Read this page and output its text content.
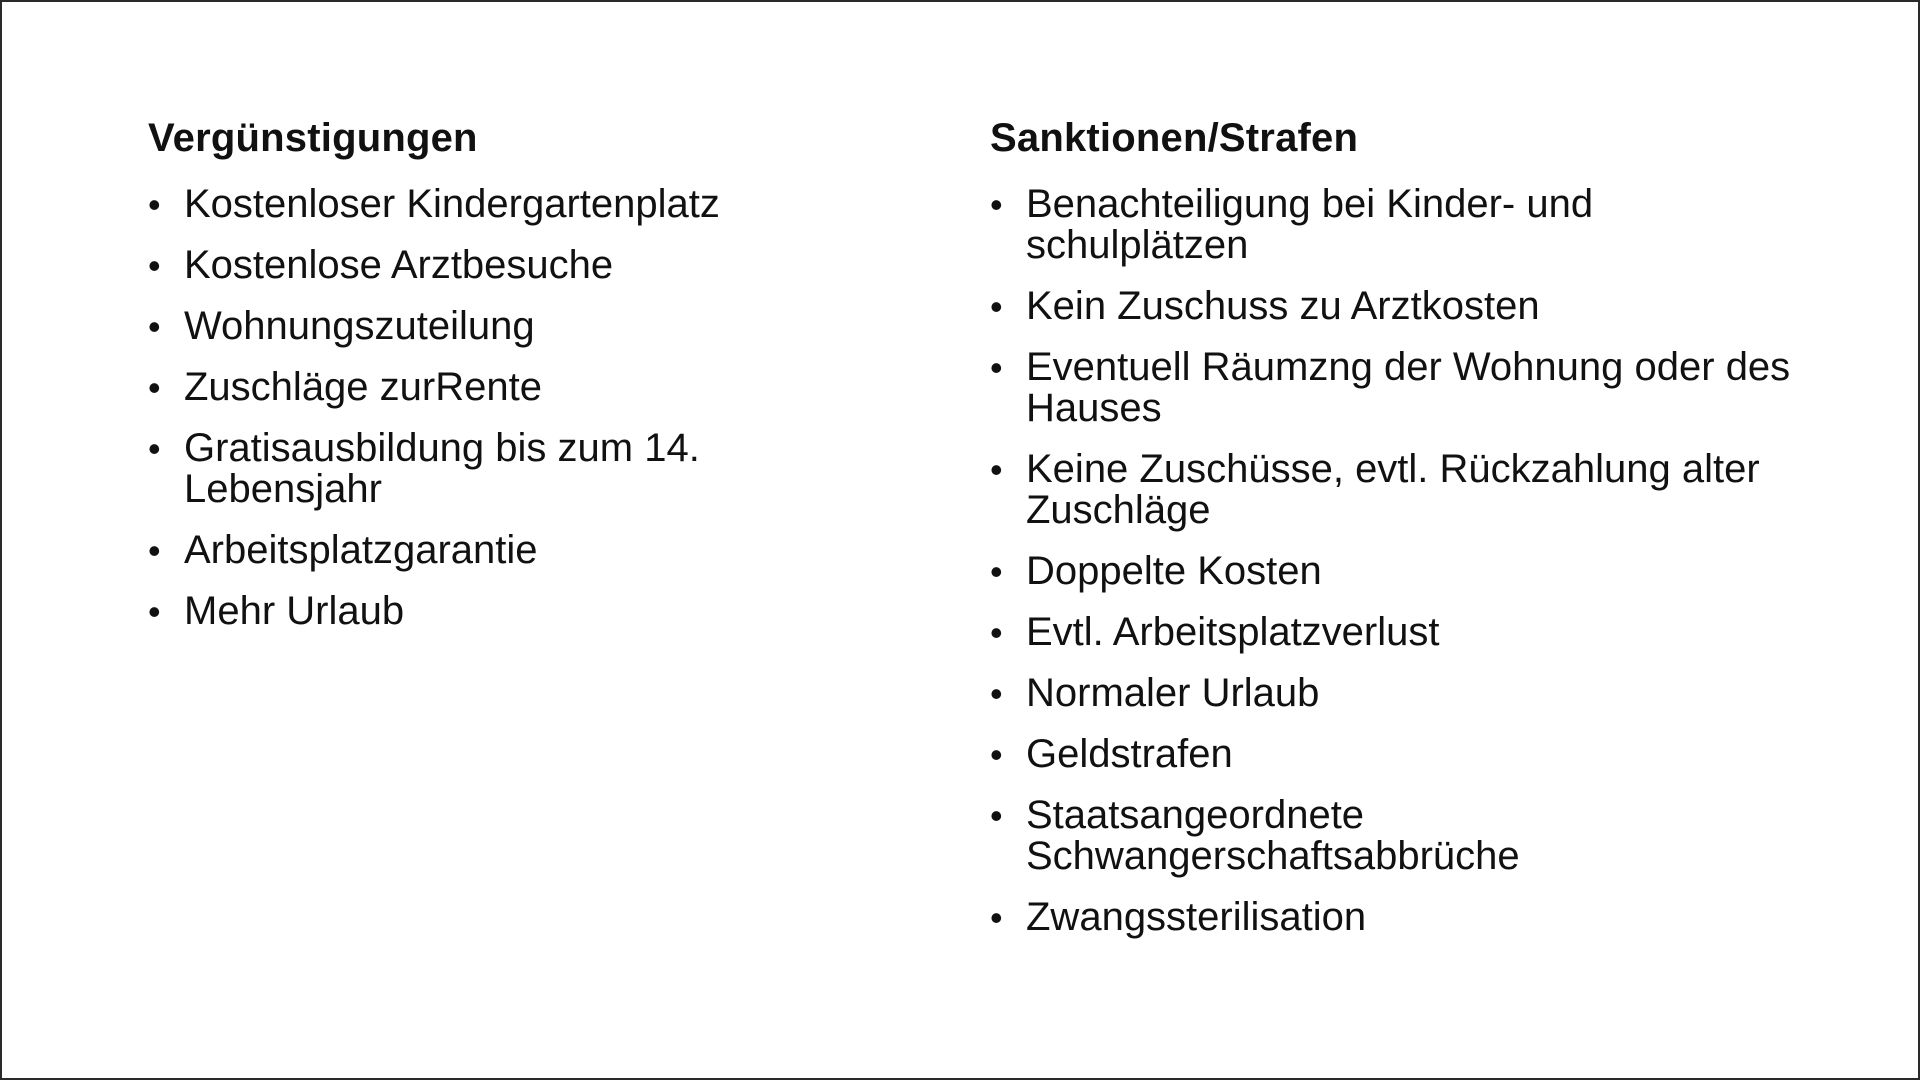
Vergünstigungen
•
Kostenloser Kindergartenplatz
•
Kostenlose Arztbesuche
•
Wohnungszuteilung
•
Zuschläge zurRente
•
Gratisausbildung bis zum 14. Lebensjahr
•
Arbeitsplatzgarantie
•
Mehr Urlaub
Sanktionen/Strafen
•
Benachteiligung bei Kinder- und schulplätzen
•
Kein Zuschuss zu Arztkosten
•
Eventuell Räumzng der Wohnung oder des Hauses
•
Keine Zuschüsse, evtl. Rückzahlung alter Zuschläge
•
Doppelte Kosten
•
Evtl. Arbeitsplatzverlust
•
Normaler Urlaub
•
Geldstrafen
•
Staatsangeordnete Schwangerschaftsabbrüche
•
Zwangssterilisation
